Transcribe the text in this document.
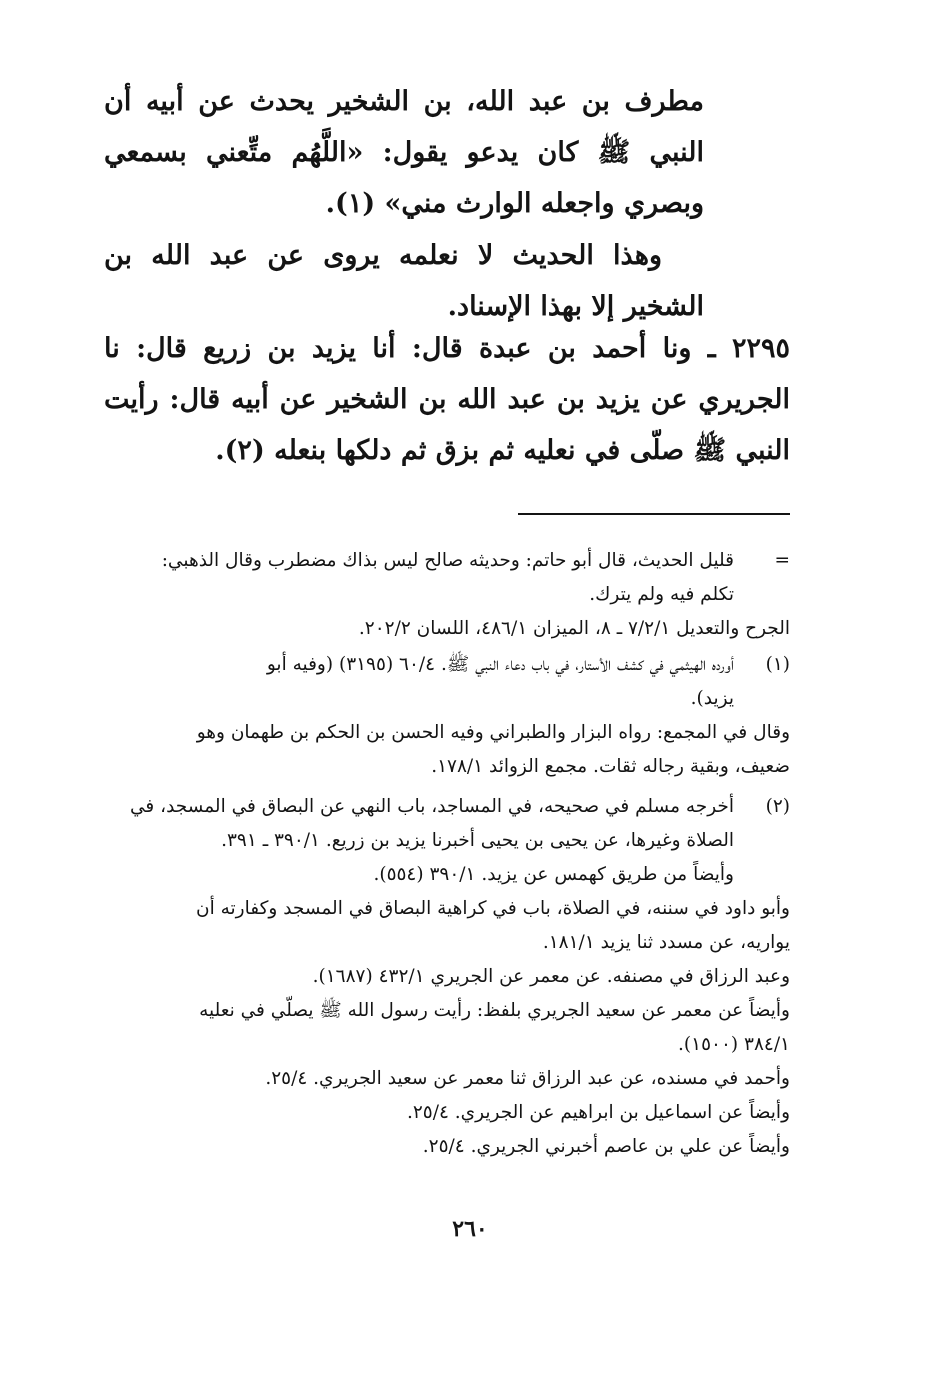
مطرف بن عبد الله، بن الشخير يحدث عن أبيه أن النبي ﷺ كان يدعو يقول: «اللَّهُم متِّعني بسمعي وبصري واجعله الوارث مني» (١).

وهذا الحديث لا نعلمه يروى عن عبد الله بن الشخير إلا بهذا الإسناد.

٢٢٩٥ ـ ونا أحمد بن عبدة قال: أنا يزيد بن زريع قال: نا الجريري عن يزيد بن عبد الله بن الشخير عن أبيه قال: رأيت النبي ﷺ صلّى في نعليه ثم بزق ثم دلكها بنعله (٢).

=

قليل الحديث، قال أبو حاتم: وحديثه صالح ليس بذاك مضطرب وقال الذهبي:

تكلم فيه ولم يترك.

الجرح والتعديل ٧/٢/١ ـ ٨، الميزان ٤٨٦/١، اللسان ٢٠٢/٢.

(١)

أورده الهيثمي في كشف الأستار، في باب دعاء النبي ﷺ. ٦٠/٤ (٣١٩٥) (وفيه أبو

يزيد).

وقال في المجمع: رواه البزار والطبراني وفيه الحسن بن الحكم بن طهمان وهو

ضعيف، وبقية رجاله ثقات. مجمع الزوائد ١٧٨/١.

(٢)

أخرجه مسلم في صحيحه، في المساجد، باب النهي عن البصاق في المسجد، في

الصلاة وغيرها، عن يحيى بن يحيى أخبرنا يزيد بن زريع. ٣٩٠/١ ـ ٣٩١.

وأيضاً من طريق كهمس عن يزيد. ٣٩٠/١ (٥٥٤).

وأبو داود في سننه، في الصلاة، باب في كراهية البصاق في المسجد وكفارته أن

يواريه، عن مسدد ثنا يزيد ١٨١/١.

وعبد الرزاق في مصنفه. عن معمر عن الجريري ٤٣٢/١ (١٦٨٧).

وأيضاً عن معمر عن سعيد الجريري بلفظ: رأيت رسول الله ﷺ يصلّي في نعليه

٣٨٤/١ (١٥٠٠).

وأحمد في مسنده، عن عبد الرزاق ثنا معمر عن سعيد الجريري. ٢٥/٤.

وأيضاً عن اسماعيل بن ابراهيم عن الجريري. ٢٥/٤.

وأيضاً عن علي بن عاصم أخبرني الجريري. ٢٥/٤.

٢٦٠
